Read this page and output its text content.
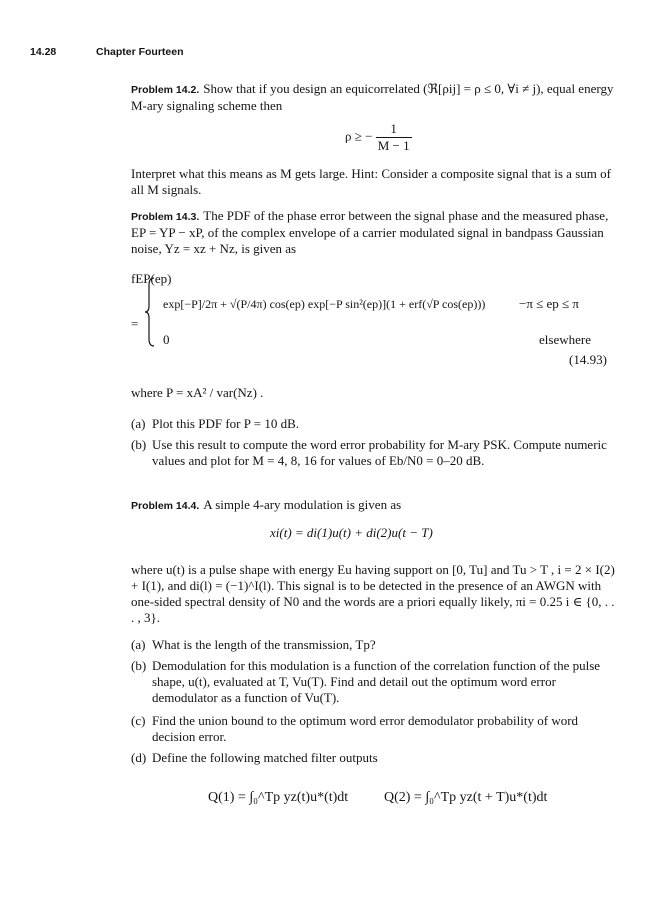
14.28	Chapter Fourteen

Problem 14.2. Show that if you design an equicorrelated (ℜ[ρij] = ρ ≤ 0, ∀i ≠ j), equal energy M-ary signaling scheme then

ρ ≥ − $\frac{1}{M - 1}$

Interpret what this means as M gets large. Hint: Consider a composite signal that is a sum of all M signals.

Problem 14.3. The PDF of the phase error between the signal phase and the measured phase, EP = YP − xP, of the complex envelope of a carrier modulated signal in bandpass Gaussian noise, Yz = xz + Nz, is given as

fEP(ep)
=
exp[−P]/2π + √(P/4π) cos(ep) exp[−P sin²(ep)](1 + erf(√P cos(ep)))	−π ≤ ep ≤ π
0	elsewhere
(14.93)
where P = xA² / var(Nz) .
(a) Plot this PDF for P = 10 dB.
(b) Use this result to compute the word error probability for M-ary PSK. Compute numeric values and plot for M = 4, 8, 16 for values of Eb/N0 = 0–20 dB.

Problem 14.4. A simple 4-ary modulation is given as

xi(t) = di(1)u(t) + di(2)u(t − T)

where u(t) is a pulse shape with energy Eu having support on [0, Tu] and Tu > T , i = 2 × I(2) + I(1), and di(l) = (−1)^I(l). This signal is to be detected in the presence of an AWGN with one-sided spectral density of N0 and the words are a priori equally likely, πi = 0.25 i ∈ {0, . . . , 3}.

(a) What is the length of the transmission, Tp?
(b) Demodulation for this modulation is a function of the correlation function of the pulse shape, u(t), evaluated at T, Vu(T). Find and detail out the optimum word error demodulator as a function of Vu(T).
(c) Find the union bound to the optimum word error demodulator probability of word decision error.
(d) Define the following matched filter outputs
Q(1) = ∫₀^Tp yz(t)u*(t)dt	Q(2) = ∫₀^Tp yz(t + T)u*(t)dt
